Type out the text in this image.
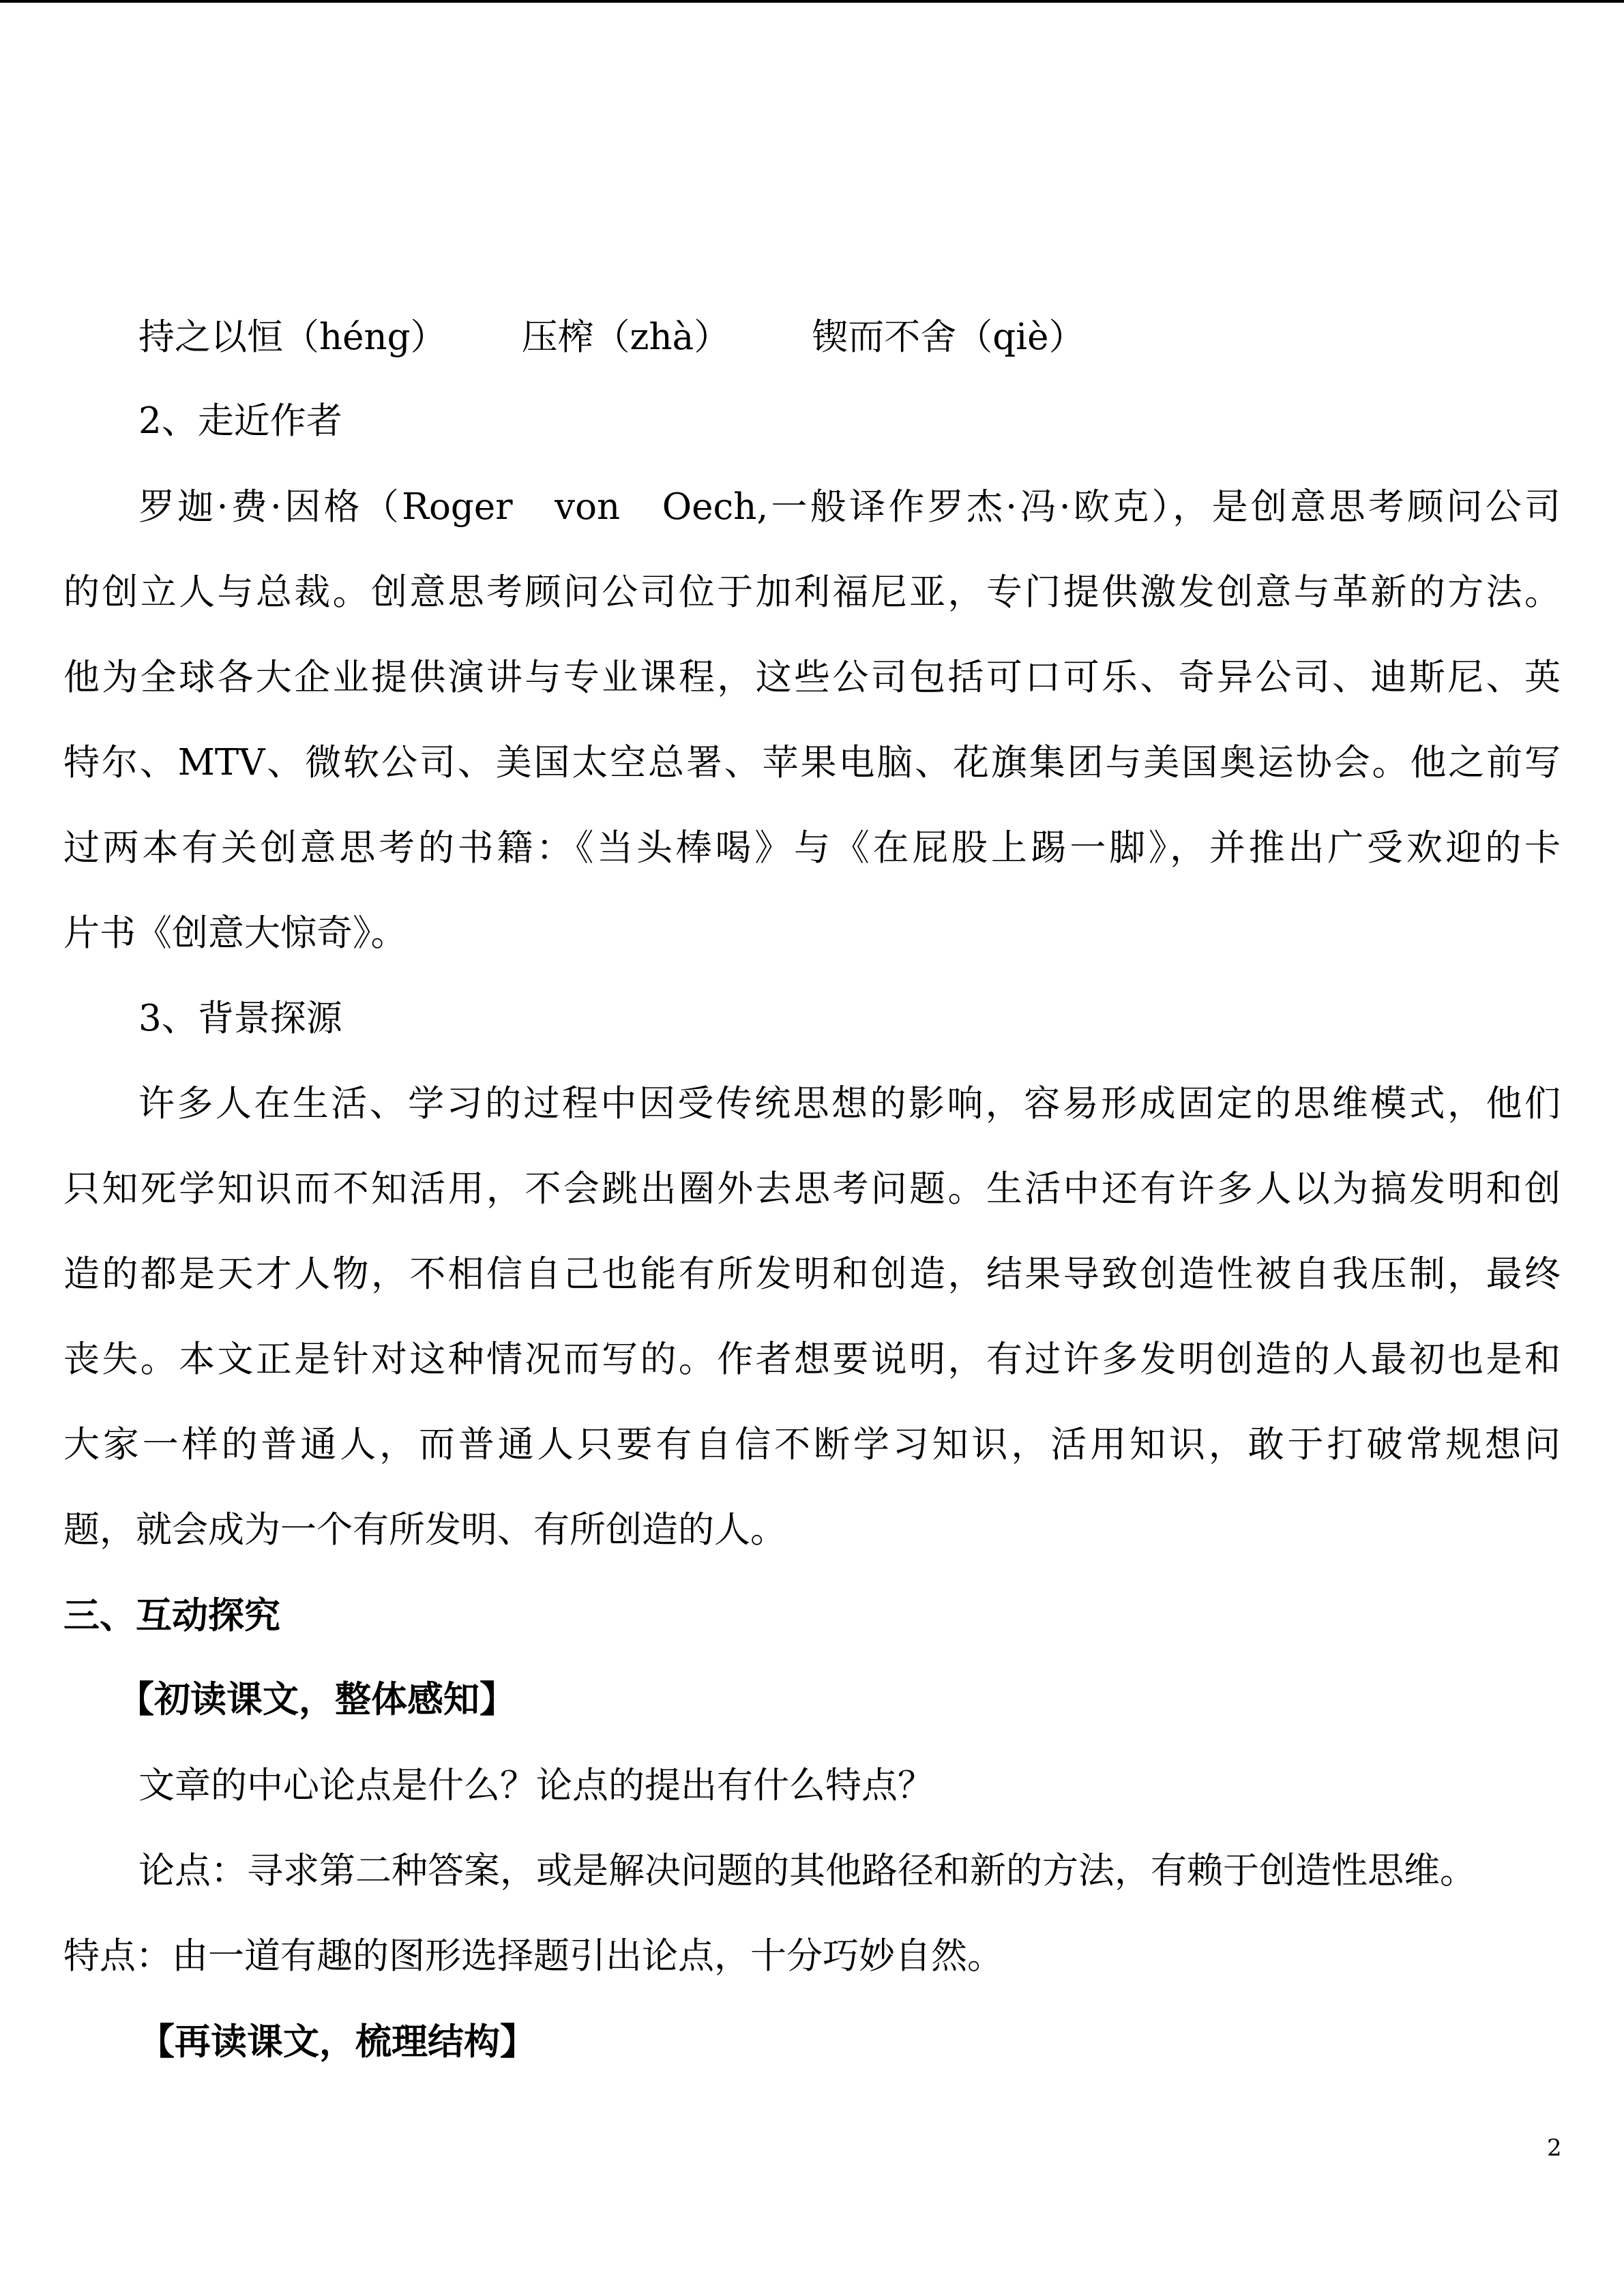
持之以恒（héng） 压榨（zhà） 锲而不舍（qiè）
2、走近作者
罗迦·费·因格（Roger　von　Oech,一般译作罗杰·冯·欧克），是创意思考顾问公司
的创立人与总裁。创意思考顾问公司位于加利福尼亚，专门提供激发创意与革新的方法。
他为全球各大企业提供演讲与专业课程，这些公司包括可口可乐、奇异公司、迪斯尼、英
特尔、MTV、微软公司、美国太空总署、苹果电脑、花旗集团与美国奥运协会。他之前写
过两本有关创意思考的书籍：《当头棒喝》与《在屁股上踢一脚》，并推出广受欢迎的卡
片书《创意大惊奇》。
3、背景探源
许多人在生活、学习的过程中因受传统思想的影响，容易形成固定的思维模式，他们
只知死学知识而不知活用，不会跳出圈外去思考问题。生活中还有许多人以为搞发明和创
造的都是天才人物，不相信自己也能有所发明和创造，结果导致创造性被自我压制，最终
丧失。本文正是针对这种情况而写的。作者想要说明，有过许多发明创造的人最初也是和
大家一样的普通人，而普通人只要有自信不断学习知识，活用知识，敢于打破常规想问
题，就会成为一个有所发明、有所创造的人。
三、互动探究
【初读课文，整体感知】
文章的中心论点是什么？论点的提出有什么特点？
论点：寻求第二种答案，或是解决问题的其他路径和新的方法，有赖于创造性思维。
特点：由一道有趣的图形选择题引出论点，十分巧妙自然。
【再读课文，梳理结构】
2
